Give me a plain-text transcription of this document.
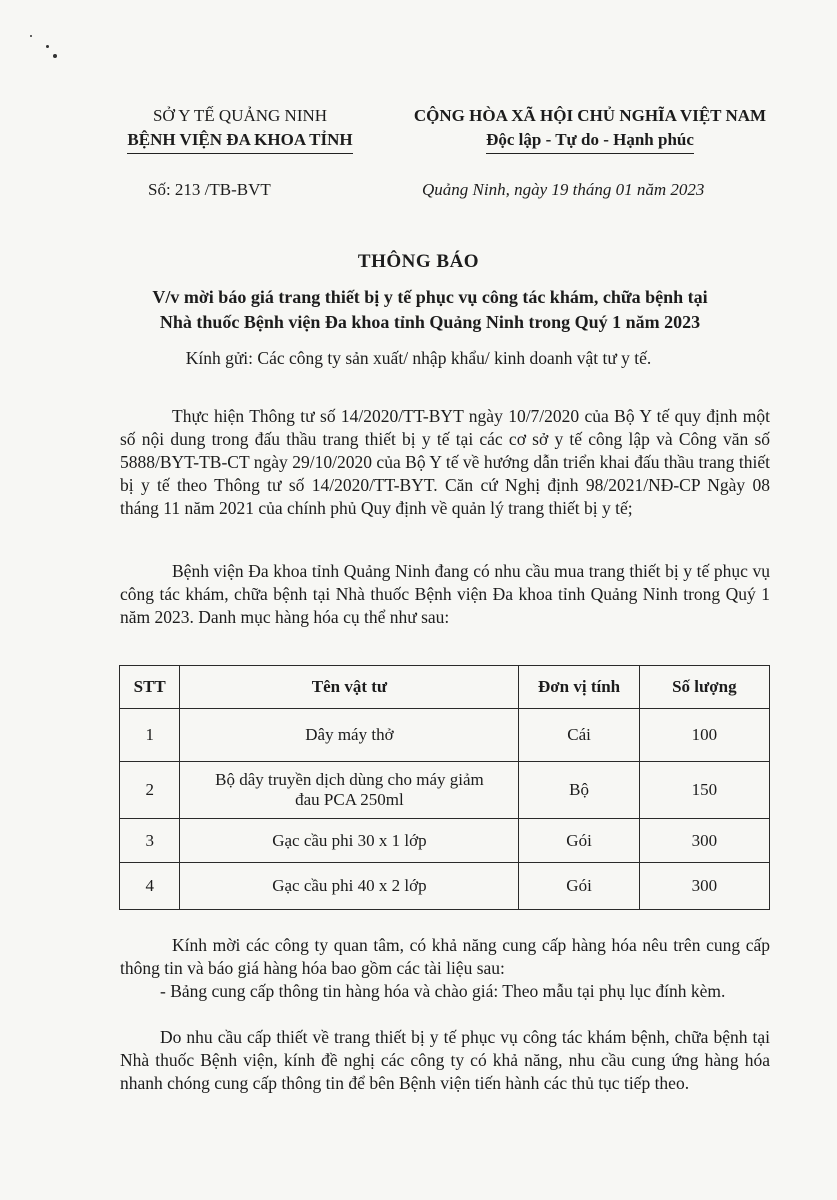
SỞ Y TẾ QUẢNG NINH
BỆNH VIỆN ĐA KHOA TỈNH
CỘNG HÒA XÃ HỘI CHỦ NGHĨA VIỆT NAM
Độc lập - Tự do - Hạnh phúc
Số: 213 /TB-BVT	Quảng Ninh, ngày 19 tháng 01 năm 2023
THÔNG BÁO
V/v mời báo giá trang thiết bị y tế phục vụ công tác khám, chữa bệnh tại
Nhà thuốc Bệnh viện Đa khoa tỉnh Quảng Ninh trong Quý 1 năm 2023
Kính gửi: Các công ty sản xuất/ nhập khẩu/ kinh doanh vật tư y tế.
Thực hiện Thông tư số 14/2020/TT-BYT ngày 10/7/2020 của Bộ Y tế quy định một số nội dung trong đấu thầu trang thiết bị y tế tại các cơ sở y tế công lập và Công văn số 5888/BYT-TB-CT ngày 29/10/2020 của Bộ Y tế về hướng dẫn triển khai đấu thầu trang thiết bị y tế theo Thông tư số 14/2020/TT-BYT. Căn cứ Nghị định 98/2021/NĐ-CP Ngày 08 tháng 11 năm 2021 của chính phủ Quy định về quản lý trang thiết bị y tế;
Bệnh viện Đa khoa tỉnh Quảng Ninh đang có nhu cầu mua trang thiết bị y tế phục vụ công tác khám, chữa bệnh tại Nhà thuốc Bệnh viện Đa khoa tỉnh Quảng Ninh trong Quý 1 năm 2023. Danh mục hàng hóa cụ thể như sau:
STT	Tên vật tư	Đơn vị tính	Số lượng
1	Dây máy thở	Cái	100
2	Bộ dây truyền dịch dùng cho máy giảm đau PCA 250ml	Bộ	150
3	Gạc cầu phi 30 x 1 lớp	Gói	300
4	Gạc cầu phi 40 x 2 lớp	Gói	300
Kính mời các công ty quan tâm, có khả năng cung cấp hàng hóa nêu trên cung cấp thông tin và báo giá hàng hóa bao gồm các tài liệu sau:
- Bảng cung cấp thông tin hàng hóa và chào giá: Theo mẫu tại phụ lục đính kèm.
Do nhu cầu cấp thiết về trang thiết bị y tế phục vụ công tác khám bệnh, chữa bệnh tại Nhà thuốc Bệnh viện, kính đề nghị các công ty có khả năng, nhu cầu cung ứng hàng hóa nhanh chóng cung cấp thông tin để bên Bệnh viện tiến hành các thủ tục tiếp theo.
